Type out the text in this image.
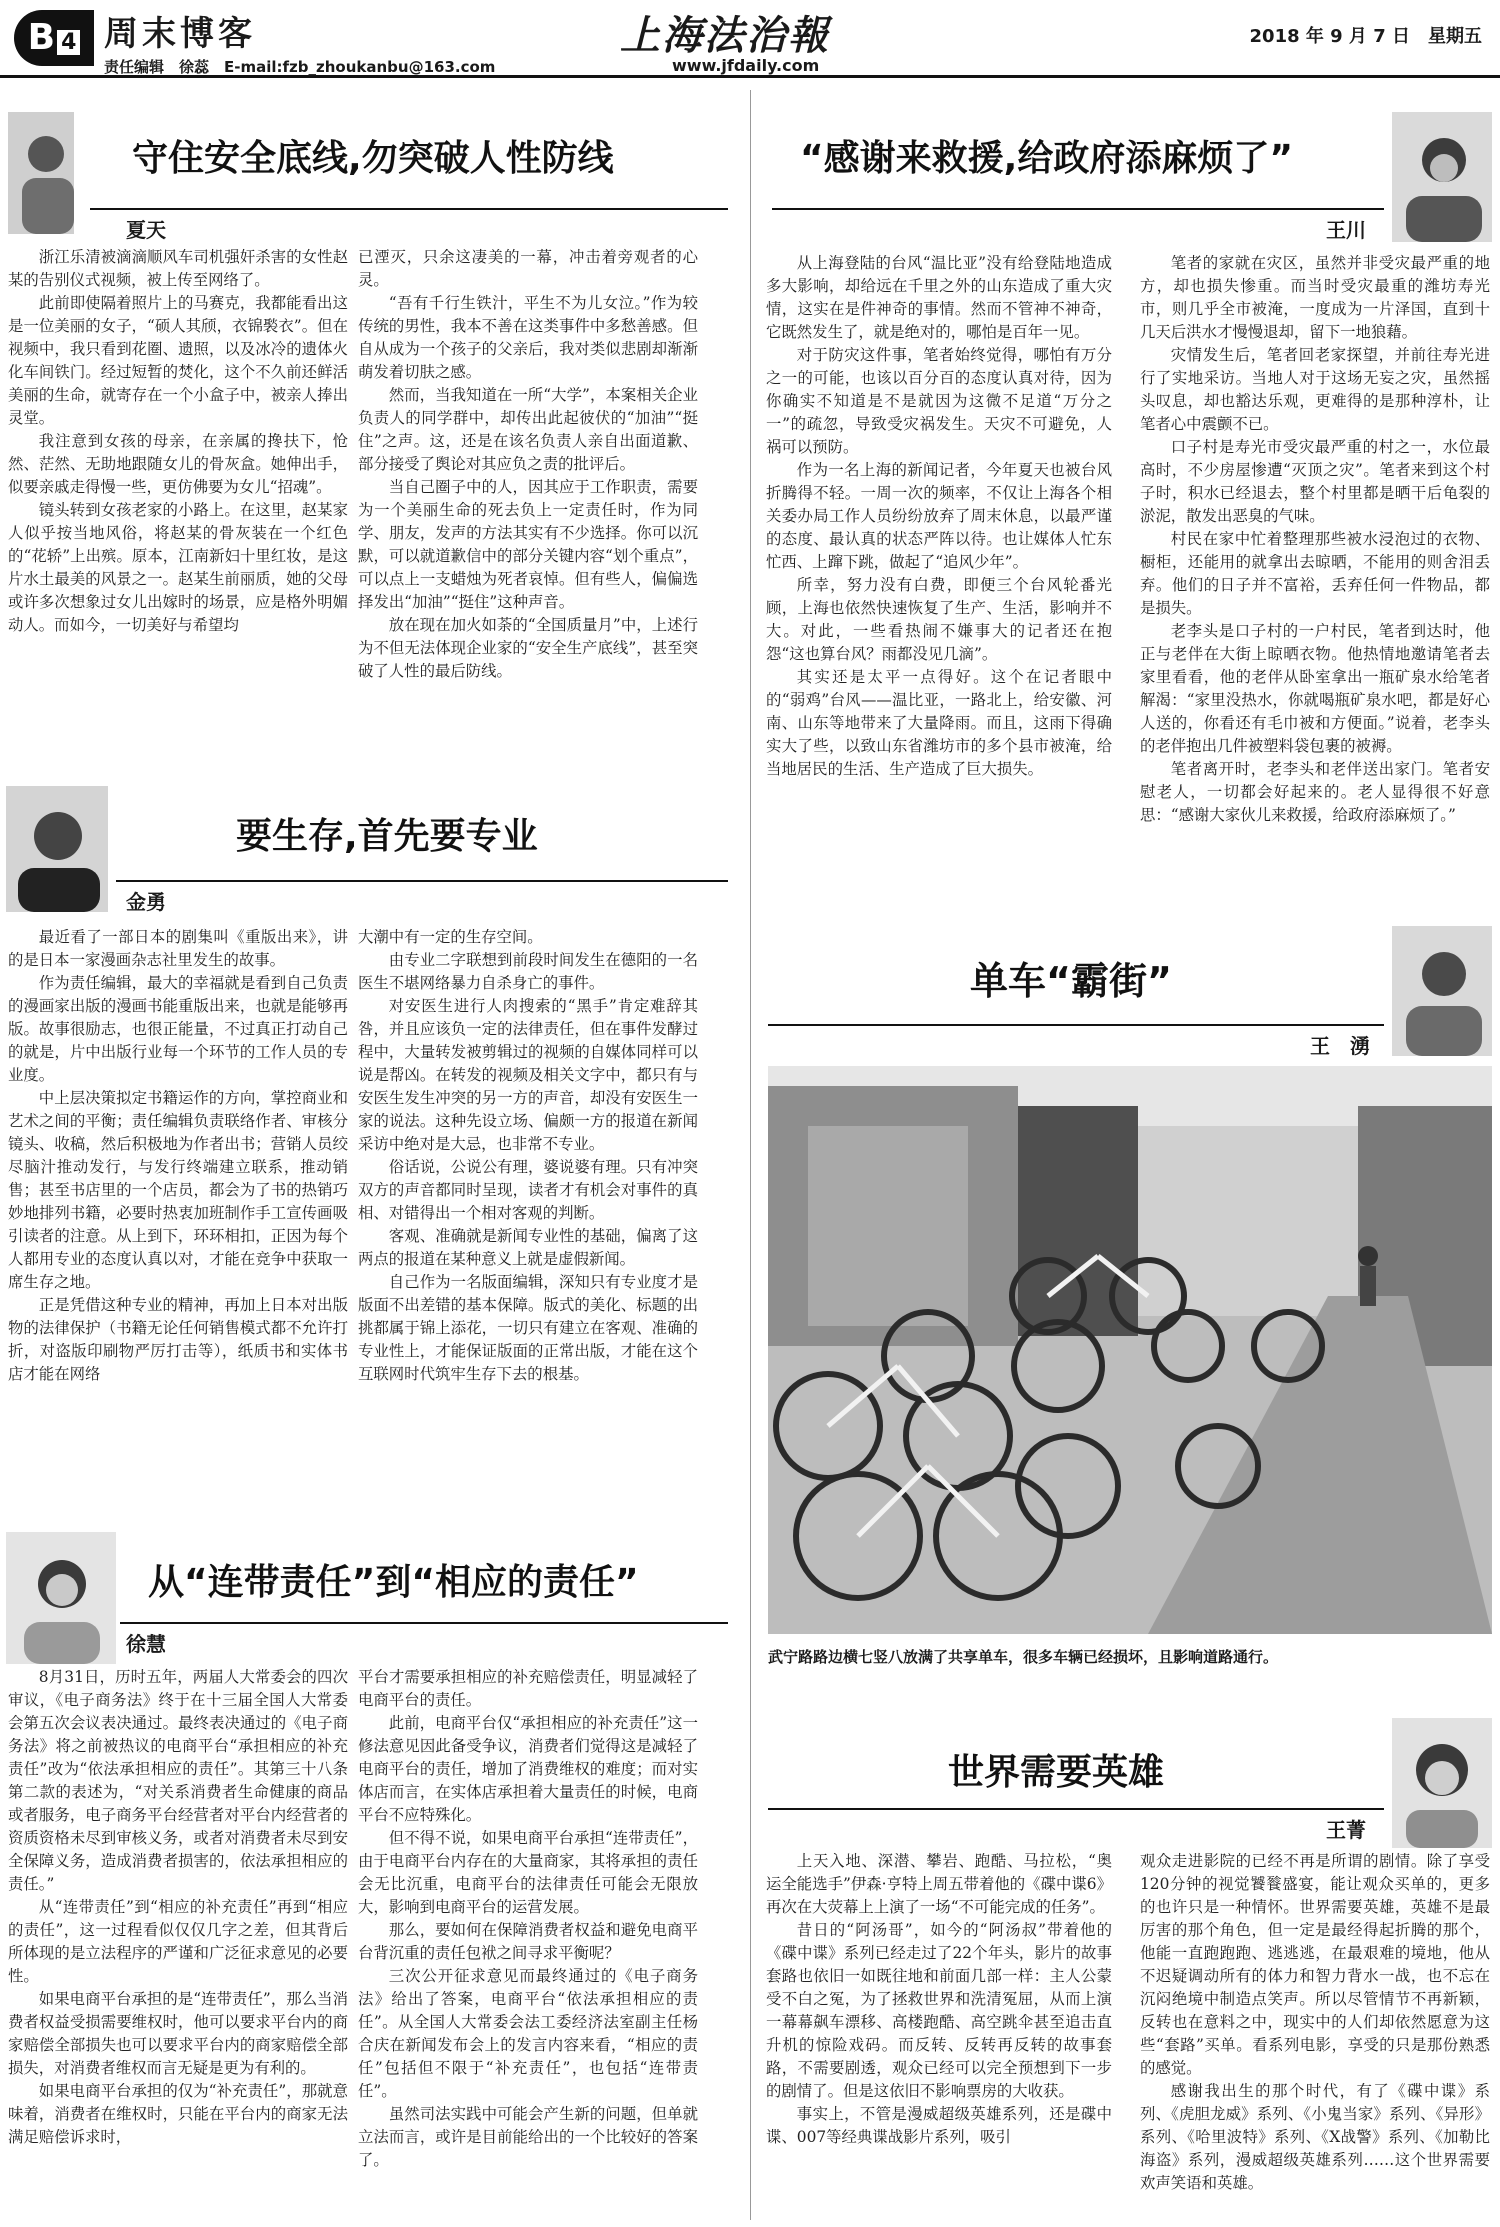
B 4 周末博客
责任编辑　徐蕊　E-mail:fzb_zhoukanbu@163.com
上海法治報
www.jfdaily.com
2018 年 9 月 7 日　星期五
守住安全底线,勿突破人性防线
夏天

浙江乐清被滴滴顺风车司机强奸杀害的女性赵某的告别仪式视频，被上传至网络了。

此前即使隔着照片上的马赛克，我都能看出这是一位美丽的女子，“硕人其颀，衣锦褧衣”。但在视频中，我只看到花圈、遗照，以及冰冷的遗体火化车间铁门。经过短暂的焚化，这个不久前还鲜活美丽的生命，就寄存在一个小盒子中，被亲人捧出灵堂。

我注意到女孩的母亲，在亲属的搀扶下，怆然、茫然、无助地跟随女儿的骨灰盒。她伸出手，似要亲戚走得慢一些，更仿佛要为女儿“招魂”。

镜头转到女孩老家的小路上。在这里，赵某家人似乎按当地风俗，将赵某的骨灰装在一个红色的“花轿”上出殡。原本，江南新妇十里红妆，是这片水土最美的风景之一。赵某生前丽质，她的父母或许多次想象过女儿出嫁时的场景，应是格外明媚动人。而如今，一切美好与希望均

已湮灭，只余这凄美的一幕，冲击着旁观者的心灵。

“吾有千行生铁汁，平生不为儿女泣。”作为较传统的男性，我本不善在这类事件中多愁善感。但自从成为一个孩子的父亲后，我对类似悲剧却渐渐萌发着切肤之感。

然而，当我知道在一所“大学”，本案相关企业负责人的同学群中，却传出此起彼伏的“加油”“挺住”之声。这，还是在该名负责人亲自出面道歉、部分接受了舆论对其应负之责的批评后。

当自己圈子中的人，因其应于工作职责，需要为一个美丽生命的死去负上一定责任时，作为同学、朋友，发声的方法其实有不少选择。你可以沉默，可以就道歉信中的部分关键内容“划个重点”，可以点上一支蜡烛为死者哀悼。但有些人，偏偏选择发出“加油”“挺住”这种声音。

放在现在加火如荼的“全国质量月”中，上述行为不但无法体现企业家的“安全生产底线”，甚至突破了人性的最后防线。

要生存,首先要专业
金勇

最近看了一部日本的剧集叫《重版出来》，讲的是日本一家漫画杂志社里发生的故事。

作为责任编辑，最大的幸福就是看到自己负责的漫画家出版的漫画书能重版出来，也就是能够再版。故事很励志，也很正能量，不过真正打动自己的就是，片中出版行业每一个环节的工作人员的专业度。

中上层决策拟定书籍运作的方向，掌控商业和艺术之间的平衡；责任编辑负责联络作者、审核分镜头、收稿，然后积极地为作者出书；营销人员绞尽脑汁推动发行，与发行终端建立联系，推动销售；甚至书店里的一个店员，都会为了书的热销巧妙地排列书籍，必要时热衷加班制作手工宣传画吸引读者的注意。从上到下，环环相扣，正因为每个人都用专业的态度认真以对，才能在竞争中获取一席生存之地。

正是凭借这种专业的精神，再加上日本对出版物的法律保护（书籍无论任何销售模式都不允许打折，对盗版印刷物严厉打击等），纸质书和实体书店才能在网络

大潮中有一定的生存空间。

由专业二字联想到前段时间发生在德阳的一名医生不堪网络暴力自杀身亡的事件。

对安医生进行人肉搜索的“黑手”肯定难辞其咎，并且应该负一定的法律责任，但在事件发酵过程中，大量转发被剪辑过的视频的自媒体同样可以说是帮凶。在转发的视频及相关文字中，都只有与安医生发生冲突的另一方的声音，却没有安医生一家的说法。这种先设立场、偏颇一方的报道在新闻采访中绝对是大忌，也非常不专业。

俗话说，公说公有理，婆说婆有理。只有冲突双方的声音都同时呈现，读者才有机会对事件的真相、对错得出一个相对客观的判断。

客观、准确就是新闻专业性的基础，偏离了这两点的报道在某种意义上就是虚假新闻。

自己作为一名版面编辑，深知只有专业度才是版面不出差错的基本保障。版式的美化、标题的出挑都属于锦上添花，一切只有建立在客观、准确的专业性上，才能保证版面的正常出版，才能在这个互联网时代筑牢生存下去的根基。

从“连带责任”到“相应的责任”
徐慧

8月31日，历时五年，两届人大常委会的四次审议，《电子商务法》终于在十三届全国人大常委会第五次会议表决通过。最终表决通过的《电子商务法》将之前被热议的电商平台“承担相应的补充责任”改为“依法承担相应的责任”。其第三十八条第二款的表述为，“对关系消费者生命健康的商品或者服务，电子商务平台经营者对平台内经营者的资质资格未尽到审核义务，或者对消费者未尽到安全保障义务，造成消费者损害的，依法承担相应的责任。”

从“连带责任”到“相应的补充责任”再到“相应的责任”，这一过程看似仅仅几字之差，但其背后所体现的是立法程序的严谨和广泛征求意见的必要性。

如果电商平台承担的是“连带责任”，那么当消费者权益受损需要维权时，他可以要求平台内的商家赔偿全部损失也可以要求平台内的商家赔偿全部损失，对消费者维权而言无疑是更为有利的。

如果电商平台承担的仅为“补充责任”，那就意味着，消费者在维权时，只能在平台内的商家无法满足赔偿诉求时，

平台才需要承担相应的补充赔偿责任，明显减轻了电商平台的责任。

此前，电商平台仅“承担相应的补充责任”这一修法意见因此备受争议，消费者们觉得这是减轻了电商平台的责任，增加了消费维权的难度；而对实体店而言，在实体店承担着大量责任的时候，电商平台不应特殊化。

但不得不说，如果电商平台承担“连带责任”，由于电商平台内存在的大量商家，其将承担的责任会无比沉重，电商平台的法律责任可能会无限放大，影响到电商平台的运营发展。

那么，要如何在保障消费者权益和避免电商平台背沉重的责任包袱之间寻求平衡呢？

三次公开征求意见而最终通过的《电子商务法》给出了答案，电商平台“依法承担相应的责任”。从全国人大常委会法工委经济法室副主任杨合庆在新闻发布会上的发言内容来看，“相应的责任”包括但不限于“补充责任”，也包括“连带责任”。

虽然司法实践中可能会产生新的问题，但单就立法而言，或许是目前能给出的一个比较好的答案了。

“感谢来救援,给政府添麻烦了”
王川

从上海登陆的台风“温比亚”没有给登陆地造成多大影响，却给远在千里之外的山东造成了重大灾情，这实在是件神奇的事情。然而不管神不神奇，它既然发生了，就是绝对的，哪怕是百年一见。

对于防灾这件事，笔者始终觉得，哪怕有万分之一的可能，也该以百分百的态度认真对待，因为你确实不知道是不是就因为这微不足道“万分之一”的疏忽，导致受灾祸发生。天灾不可避免，人祸可以预防。

作为一名上海的新闻记者，今年夏天也被台风折腾得不轻。一周一次的频率，不仅让上海各个相关委办局工作人员纷纷放弃了周末休息，以最严谨的态度、最认真的状态严阵以待。也让媒体人忙东忙西、上蹿下跳，做起了“追风少年”。

所幸，努力没有白费，即便三个台风轮番光顾，上海也依然快速恢复了生产、生活，影响并不大。对此，一些看热闹不嫌事大的记者还在抱怨“这也算台风？雨都没见几滴”。

其实还是太平一点得好。这个在记者眼中的“弱鸡”台风——温比亚，一路北上，给安徽、河南、山东等地带来了大量降雨。而且，这雨下得确实大了些，以致山东省潍坊市的多个县市被淹，给当地居民的生活、生产造成了巨大损失。

笔者的家就在灾区，虽然并非受灾最严重的地方，却也损失惨重。而当时受灾最重的潍坊寿光市，则几乎全市被淹，一度成为一片泽国，直到十几天后洪水才慢慢退却，留下一地狼藉。

灾情发生后，笔者回老家探望，并前往寿光进行了实地采访。当地人对于这场无妄之灾，虽然摇头叹息，却也豁达乐观，更难得的是那种淳朴，让笔者心中震颤不已。

口子村是寿光市受灾最严重的村之一，水位最高时，不少房屋惨遭“灭顶之灾”。笔者来到这个村子时，积水已经退去，整个村里都是晒干后龟裂的淤泥，散发出恶臭的气味。

村民在家中忙着整理那些被水浸泡过的衣物、橱柜，还能用的就拿出去晾晒，不能用的则舍泪丢弃。他们的日子并不富裕，丢弃任何一件物品，都是损失。

老李头是口子村的一户村民，笔者到达时，他正与老伴在大街上晾晒衣物。他热情地邀请笔者去家里看看，他的老伴从卧室拿出一瓶矿泉水给笔者解渴：“家里没热水，你就喝瓶矿泉水吧，都是好心人送的，你看还有毛巾被和方便面。”说着，老李头的老伴抱出几件被塑料袋包裹的被褥。

笔者离开时，老李头和老伴送出家门。笔者安慰老人，一切都会好起来的。老人显得很不好意思：“感谢大家伙儿来救援，给政府添麻烦了。”

单车“霸街”
王　湧
武宁路路边横七竖八放满了共享单车，很多车辆已经损坏，且影响道路通行。
世界需要英雄
王菁

上天入地、深潜、攀岩、跑酷、马拉松，“奥运全能选手”伊森·亨特上周五带着他的《碟中谍6》再次在大荧幕上上演了一场“不可能完成的任务”。

昔日的“阿汤哥”，如今的“阿汤叔”带着他的《碟中谍》系列已经走过了22个年头，影片的故事套路也依旧一如既往地和前面几部一样：主人公蒙受不白之冤，为了拯救世界和洗清冤屈，从而上演一幕幕飙车漂移、高楼跑酷、高空跳伞甚至追击直升机的惊险戏码。而反转、反转再反转的故事套路，不需要剧透，观众已经可以完全预想到下一步的剧情了。但是这依旧不影响票房的大收获。

事实上，不管是漫威超级英雄系列，还是碟中谍、007等经典谍战影片系列，吸引

观众走进影院的已经不再是所谓的剧情。除了享受120分钟的视觉饕餮盛宴，能让观众买单的，更多的也许只是一种情怀。世界需要英雄，英雄不是最厉害的那个角色，但一定是最经得起折腾的那个，他能一直跑跑跑、逃逃逃，在最艰难的境地，他从不迟疑调动所有的体力和智力背水一战，也不忘在沉闷绝境中制造点笑声。所以尽管情节不再新颖，反转也在意料之中，现实中的人们却依然愿意为这些“套路”买单。看系列电影，享受的只是那份熟悉的感觉。

感谢我出生的那个时代，有了《碟中谍》系列、《虎胆龙威》系列、《小鬼当家》系列、《异形》系列、《哈里波特》系列、《X战警》系列、《加勒比海盗》系列，漫威超级英雄系列……这个世界需要欢声笑语和英雄。
